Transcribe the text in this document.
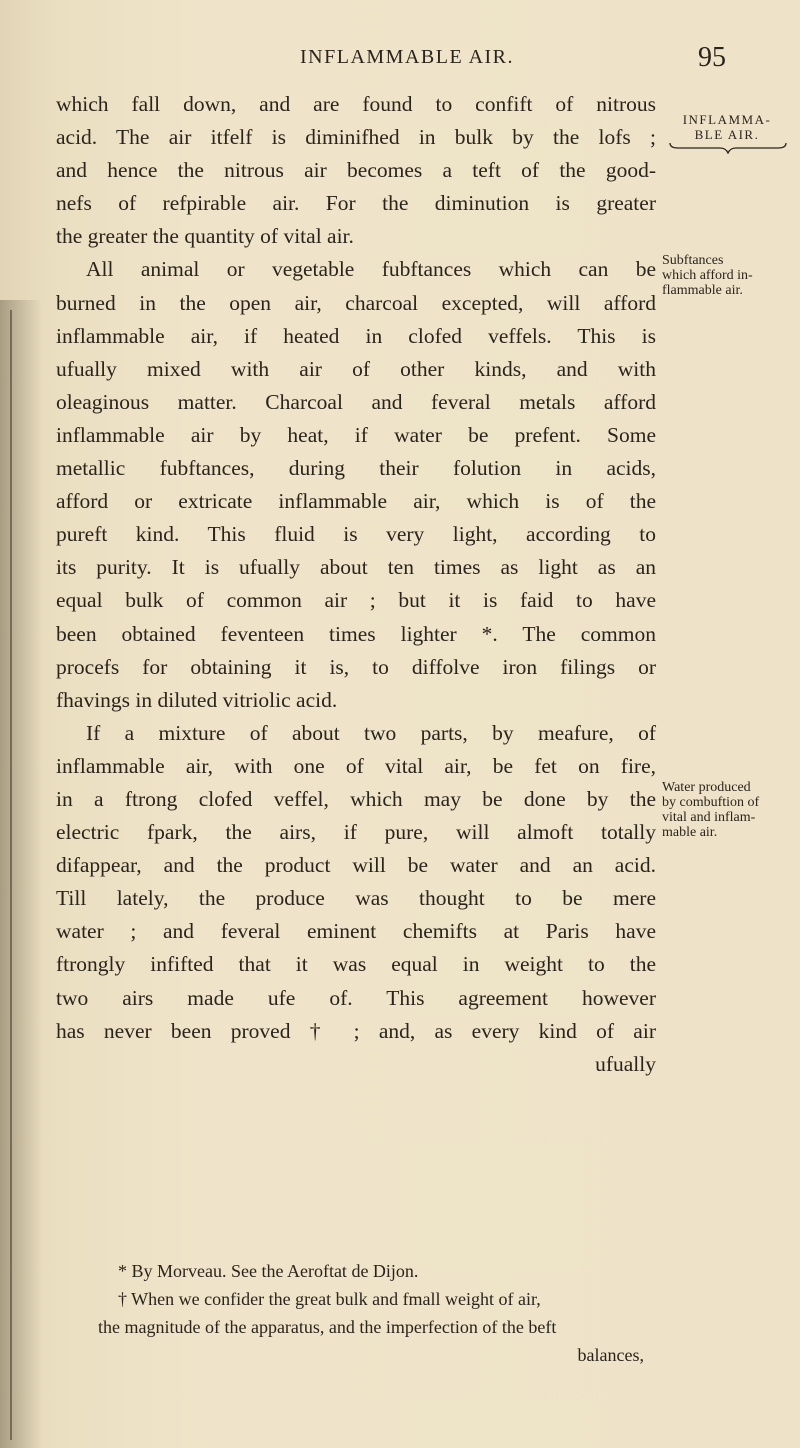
INFLAMMABLE AIR.	95
which fall down, and are found to confift of nitrous
acid. The air itfelf is diminifhed in bulk by the lofs ;
and hence the nitrous air becomes a teft of the good-
nefs of refpirable air. For the diminution is greater
the greater the quantity of vital air.
All animal or vegetable fubftances which can be
burned in the open air, charcoal excepted, will afford
inflammable air, if heated in clofed veffels. This is
ufually mixed with air of other kinds, and with
oleaginous matter. Charcoal and feveral metals afford
inflammable air by heat, if water be prefent. Some
metallic fubftances, during their folution in acids,
afford or extricate inflammable air, which is of the
pureft kind. This fluid is very light, according to
its purity. It is ufually about ten times as light as an
equal bulk of common air ; but it is faid to have
been obtained feventeen times lighter *. The common
procefs for obtaining it is, to diffolve iron filings or
fhavings in diluted vitriolic acid.
If a mixture of about two parts, by meafure, of
inflammable air, with one of vital air, be fet on fire,
in a ftrong clofed veffel, which may be done by the
electric fpark, the airs, if pure, will almoft totally
difappear, and the product will be water and an acid.
Till lately, the produce was thought to be mere
water ; and feveral eminent chemifts at Paris have
ftrongly infifted that it was equal in weight to the
two airs made ufe of. This agreement however
has never been proved † ; and, as every kind of air
ufually
INFLAMMA-
BLE AIR.
Subftances
which afford in-
flammable air.
Water produced
by combuftion of
vital and inflam-
mable air.
* By Morveau. See the Aeroftat de Dijon.
† When we confider the great bulk and fmall weight of air,
the magnitude of the apparatus, and the imperfection of the beft
balances,
